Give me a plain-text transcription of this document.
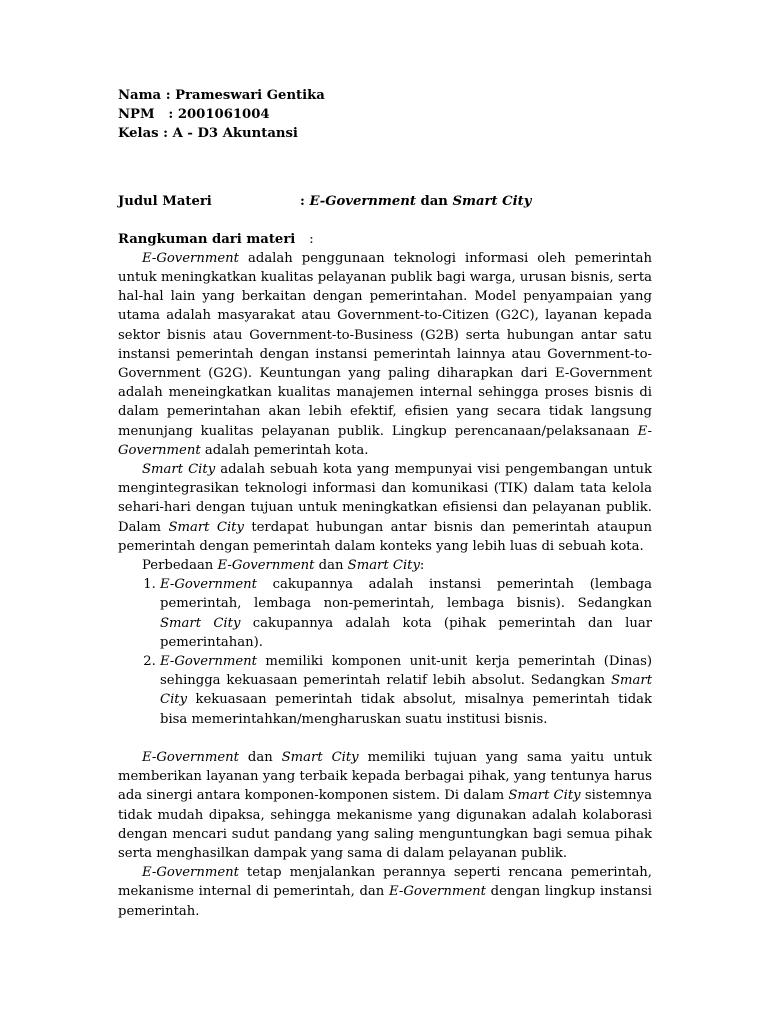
Nama : Prameswari Gentika
NPM : 2001061004
Kelas : A - D3 Akuntansi
Judul Materi	: E-Government dan Smart City
Rangkuman dari materi :

E-Government adalah penggunaan teknologi informasi oleh pemerintah untuk meningkatkan kualitas pelayanan publik bagi warga, urusan bisnis, serta hal-hal lain yang berkaitan dengan pemerintahan. Model penyampaian yang utama adalah masyarakat atau Government-to-Citizen (G2C), layanan kepada sektor bisnis atau Government-to-Business (G2B) serta hubungan antar satu instansi pemerintah dengan instansi pemerintah lainnya atau Government-to-Government (G2G). Keuntungan yang paling diharapkan dari E-Government adalah meneingkatkan kualitas manajemen internal sehingga proses bisnis di dalam pemerintahan akan lebih efektif, efisien yang secara tidak langsung menunjang kualitas pelayanan publik. Lingkup perencanaan/pelaksanaan E-Government adalah pemerintah kota.

Smart City adalah sebuah kota yang mempunyai visi pengembangan untuk mengintegrasikan teknologi informasi dan komunikasi (TIK) dalam tata kelola sehari-hari dengan tujuan untuk meningkatkan efisiensi dan pelayanan publik. Dalam Smart City terdapat hubungan antar bisnis dan pemerintah ataupun pemerintah dengan pemerintah dalam konteks yang lebih luas di sebuah kota.

Perbedaan E-Government dan Smart City:

1. E-Government cakupannya adalah instansi pemerintah (lembaga pemerintah, lembaga non-pemerintah, lembaga bisnis). Sedangkan Smart City cakupannya adalah kota (pihak pemerintah dan luar pemerintahan).
2. E-Government memiliki komponen unit-unit kerja pemerintah (Dinas) sehingga kekuasaan pemerintah relatif lebih absolut. Sedangkan Smart City kekuasaan pemerintah tidak absolut, misalnya pemerintah tidak bisa memerintahkan/mengharuskan suatu institusi bisnis.

E-Government dan Smart City memiliki tujuan yang sama yaitu untuk memberikan layanan yang terbaik kepada berbagai pihak, yang tentunya harus ada sinergi antara komponen-komponen sistem. Di dalam Smart City sistemnya tidak mudah dipaksa, sehingga mekanisme yang digunakan adalah kolaborasi dengan mencari sudut pandang yang saling menguntungkan bagi semua pihak serta menghasilkan dampak yang sama di dalam pelayanan publik.

E-Government tetap menjalankan perannya seperti rencana pemerintah, mekanisme internal di pemerintah, dan E-Government dengan lingkup instansi pemerintah.
